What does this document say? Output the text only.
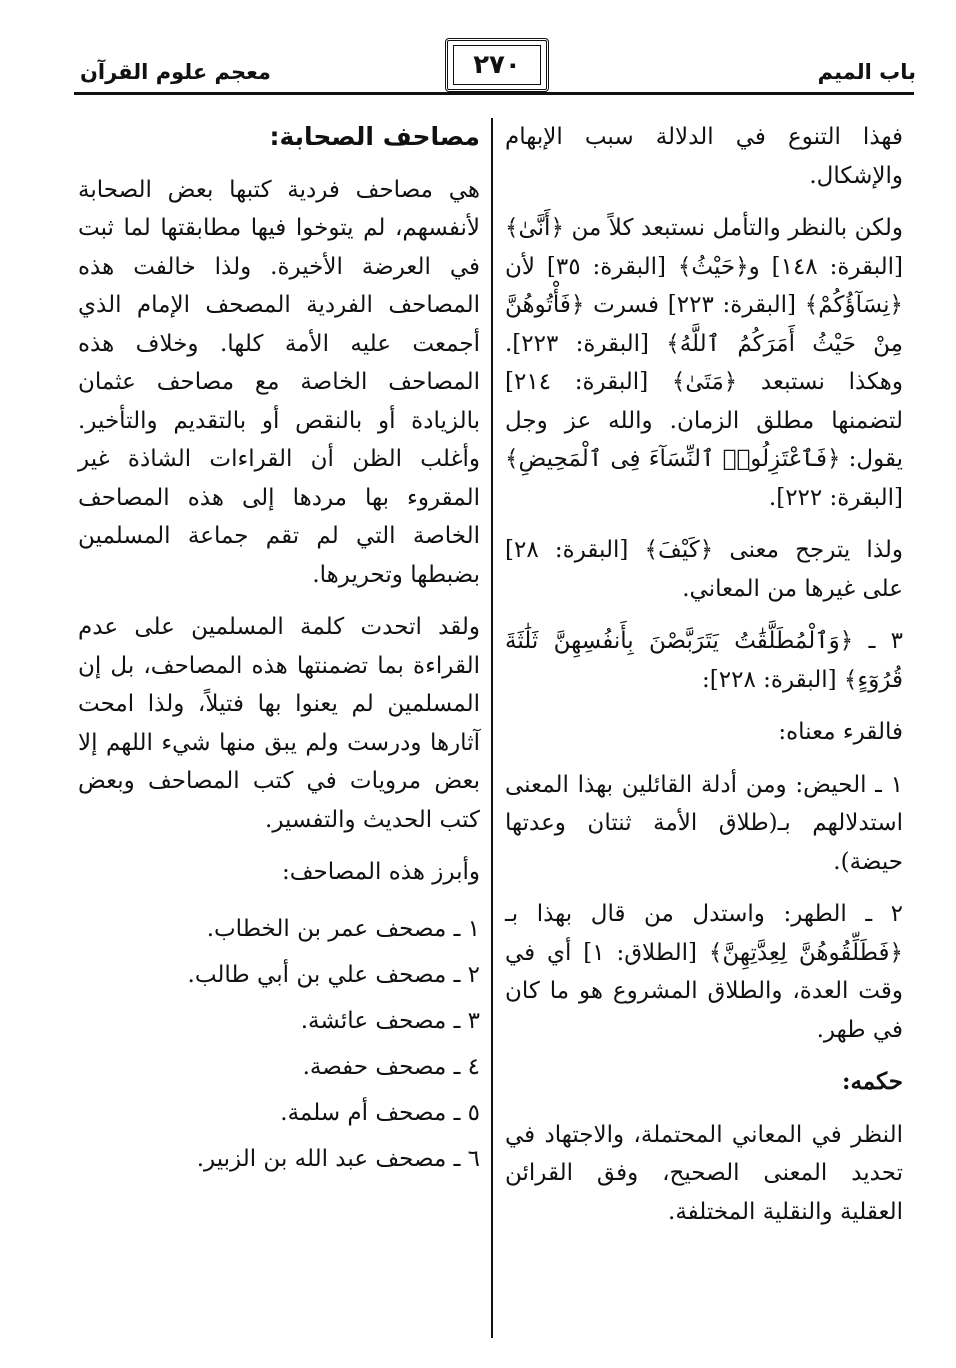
باب الميم
٢٧٠
معجم علوم القرآن

فهذا التنوع في الدلالة سبب الإبهام والإشكال.

ولكن بالنظر والتأمل نستبعد كلاً من ﴿أَنَّىٰ﴾ [البقرة: ١٤٨] و﴿حَيْثُ﴾ [البقرة: ٣٥] لأن ﴿نِسَآؤُكُمْ﴾ [البقرة: ٢٢٣] فسرت ﴿فَأْتُوهُنَّ مِنْ حَيْثُ أَمَرَكُمُ ٱللَّهُ﴾ [البقرة: ٢٢٣]. وهكذا نستبعد ﴿مَتَىٰ﴾ [البقرة: ٢١٤] لتضمنها مطلق الزمان. والله عز وجل يقول: ﴿فَٱعْتَزِلُوا۟ ٱلنِّسَآءَ فِى ٱلْمَحِيضِ﴾ [البقرة: ٢٢٢].

ولذا يترجح معنى ﴿كَيْفَ﴾ [البقرة: ٢٨] على غيرها من المعاني.

٣ ـ ﴿وَٱلْمُطَلَّقَٰتُ يَتَرَبَّصْنَ بِأَنفُسِهِنَّ ثَلَٰثَةَ قُرُوٓءٍ﴾ [البقرة: ٢٢٨]:

فالقرء معناه:

١ ـ الحيض: ومن أدلة القائلين بهذا المعنى استدلالهم بـ(طلاق الأمة ثنتان وعدتها حيضة).

٢ ـ الطهر: واستدل من قال بهذا بـ ﴿فَطَلِّقُوهُنَّ لِعِدَّتِهِنَّ﴾ [الطلاق: ١] أي في وقت العدة، والطلاق المشروع هو ما كان في طهر.

حكمه:

النظر في المعاني المحتملة، والاجتهاد في تحديد المعنى الصحيح، وفق القرائن العقلية والنقلية المختلفة.

مصاحف الصحابة:

هي مصاحف فردية كتبها بعض الصحابة لأنفسهم، لم يتوخوا فيها مطابقتها لما ثبت في العرضة الأخيرة. ولذا خالفت هذه المصاحف الفردية المصحف الإمام الذي أجمعت عليه الأمة كلها. وخلاف هذه المصاحف الخاصة مع مصاحف عثمان بالزيادة أو بالنقص أو بالتقديم والتأخير. وأغلب الظن أن القراءات الشاذة غير المقروء بها مردها إلى هذه المصاحف الخاصة التي لم تقم جماعة المسلمين بضبطها وتحريرها.

ولقد اتحدت كلمة المسلمين على عدم القراءة بما تضمنتها هذه المصاحف، بل إن المسلمين لم يعنوا بها فتيلاً، ولذا امحت آثارها ودرست ولم يبق منها شيء اللهم إلا بعض مرويات في كتب المصاحف وبعض كتب الحديث والتفسير.

وأبرز هذه المصاحف:

١ ـ مصحف عمر بن الخطاب.
٢ ـ مصحف علي بن أبي طالب.
٣ ـ مصحف عائشة.
٤ ـ مصحف حفصة.
٥ ـ مصحف أم سلمة.
٦ ـ مصحف عبد الله بن الزبير.
